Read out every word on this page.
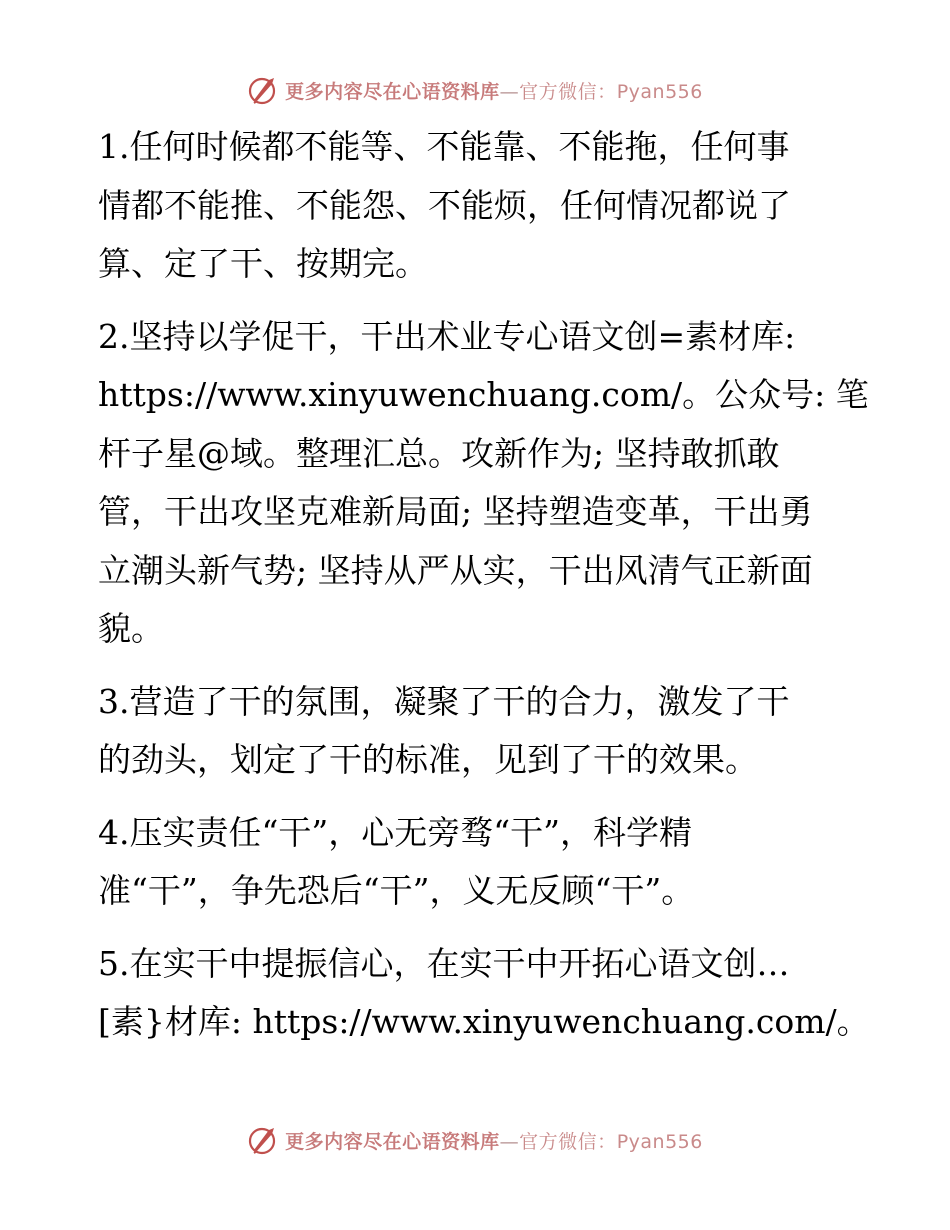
更多内容尽在心语资料库—官方微信：Pyan556
1.任何时候都不能等、不能靠、不能拖，任何事
情都不能推、不能怨、不能烦，任何情况都说了
算、定了干、按期完。
2.坚持以学促干，干出术业专心语文创=素材库:
https://www.xinyuwenchuang.com/。公众号: 笔
杆子星@域。整理汇总。攻新作为; 坚持敢抓敢
管，干出攻坚克难新局面; 坚持塑造变革，干出勇
立潮头新气势; 坚持从严从实，干出风清气正新面
貌。
3.营造了干的氛围，凝聚了干的合力，激发了干
的劲头，划定了干的标准，见到了干的效果。
4.压实责任“干”，心无旁骛“干”，科学精
准“干”，争先恐后“干”，义无反顾“干”。
5.在实干中提振信心，在实干中开拓心语文创…
[素}材库: https://www.xinyuwenchuang.com/。
更多内容尽在心语资料库—官方微信：Pyan556
